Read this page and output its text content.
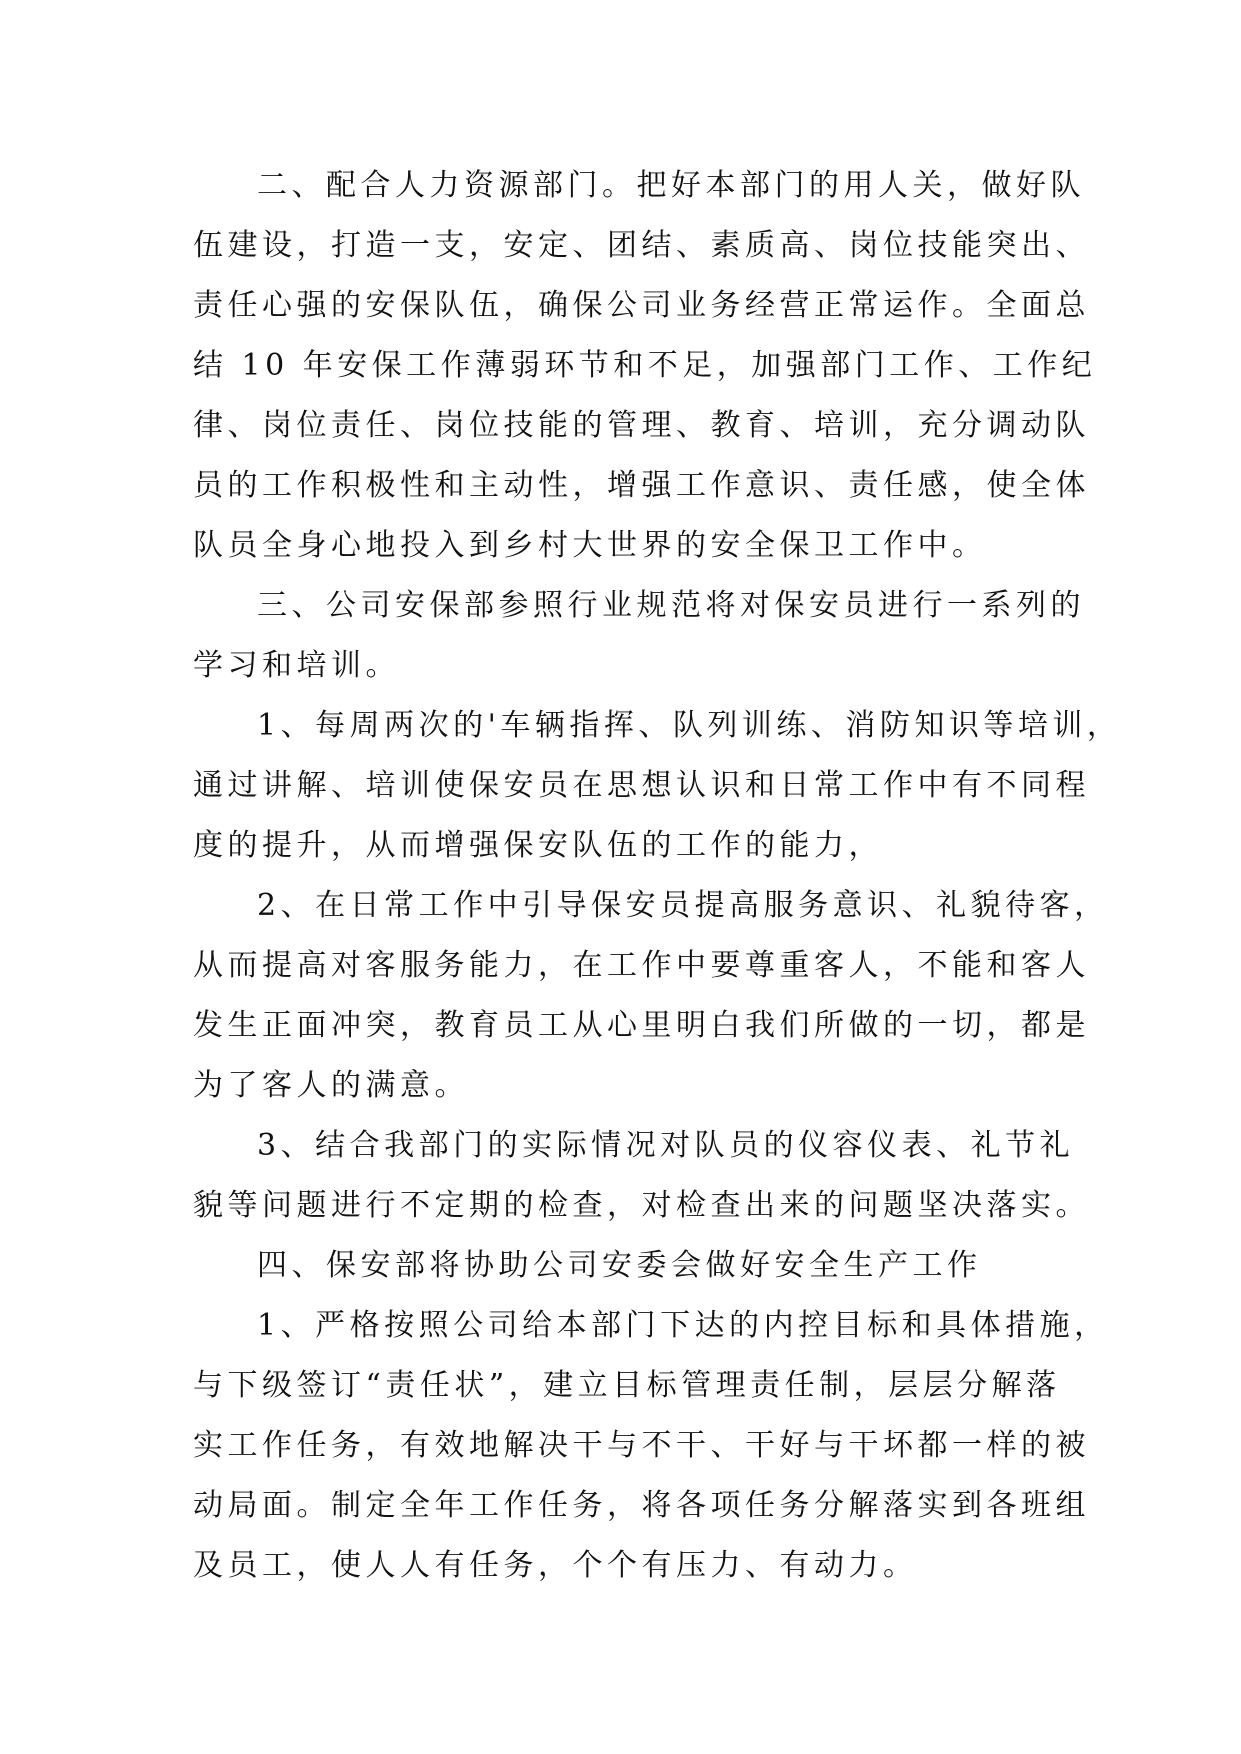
二、配合人力资源部门。把好本部门的用人关，做好队
伍建设，打造一支，安定、团结、素质高、岗位技能突出、
责任心强的安保队伍，确保公司业务经营正常运作。全面总
结 10 年安保工作薄弱环节和不足，加强部门工作、工作纪
律、岗位责任、岗位技能的管理、教育、培训，充分调动队
员的工作积极性和主动性，增强工作意识、责任感，使全体
队员全身心地投入到乡村大世界的安全保卫工作中。
三、公司安保部参照行业规范将对保安员进行一系列的
学习和培训。
1、每周两次的'车辆指挥、队列训练、消防知识等培训，
通过讲解、培训使保安员在思想认识和日常工作中有不同程
度的提升，从而增强保安队伍的工作的能力，
2、在日常工作中引导保安员提高服务意识、礼貌待客，
从而提高对客服务能力，在工作中要尊重客人，不能和客人
发生正面冲突，教育员工从心里明白我们所做的一切，都是
为了客人的满意。
3、结合我部门的实际情况对队员的仪容仪表、礼节礼
貌等问题进行不定期的检查，对检查出来的问题坚决落实。
四、保安部将协助公司安委会做好安全生产工作
1、严格按照公司给本部门下达的内控目标和具体措施，
与下级签订“责任状”，建立目标管理责任制，层层分解落
实工作任务，有效地解决干与不干、干好与干坏都一样的被
动局面。制定全年工作任务，将各项任务分解落实到各班组
及员工，使人人有任务，个个有压力、有动力。
